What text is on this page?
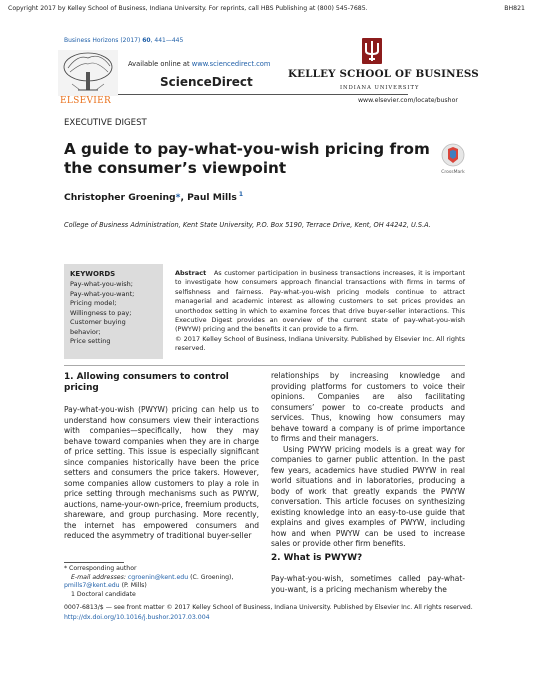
Copyright 2017 by Kelley School of Business, Indiana University. For reprints, call HBS Publishing at (800) 545-7685.	BH821
Business Horizons (2017) 60, 441—445
ELSEVIER
Available online at www.sciencedirect.com
ScienceDirect
KELLEY SCHOOL OF BUSINESS
INDIANA UNIVERSITY
www.elsevier.com/locate/bushor
EXECUTIVE DIGEST
A guide to pay-what-you-wish pricing from the consumer’s viewpoint	CrossMark
Christopher Groening*, Paul Mills $^1$
College of Business Administration, Kent State University, P.O. Box 5190, Terrace Drive, Kent, OH 44242, U.S.A.
KEYWORDS
Pay-what-you-wish;
Pay-what-you-want;
Pricing model;
Willingness to pay;
Customer buying
behavior;
Price setting
Abstract As customer participation in business transactions increases, it is important to investigate how consumers approach financial transactions with firms in terms of selfishness and fairness. Pay-what-you-wish pricing models continue to attract managerial and academic interest as allowing customers to set prices provides an unorthodox setting in which to examine forces that drive buyer-seller interactions. This Executive Digest provides an overview of the current state of pay-what-you-wish (PWYW) pricing and the benefits it can provide to a firm.
© 2017 Kelley School of Business, Indiana University. Published by Elsevier Inc. All rights reserved.
1. Allowing consumers to control pricing
Pay-what-you-wish (PWYW) pricing can help us to understand how consumers view their interactions with companies—specifically, how they may behave toward companies when they are in charge of price setting. This issue is especially significant since companies historically have been the price setters and consumers the price takers. However, some companies allow customers to play a role in price setting through mechanisms such as PWYW, auctions, name-your-own-price, freemium products, shareware, and group purchasing. More recently, the internet has empowered consumers and reduced the asymmetry of traditional buyer-seller
relationships by increasing knowledge and providing platforms for customers to voice their opinions. Companies are also facilitating consumers’ power to co-create products and services. Thus, knowing how consumers may behave toward a company is of prime importance to firms and their managers.
Using PWYW pricing models is a great way for companies to garner public attention. In the past few years, academics have studied PWYW in real world situations and in laboratories, producing a body of work that greatly expands the PWYW conversation. This article focuses on synthesizing existing knowledge into an easy-to-use guide that explains and gives examples of PWYW, including how and when PWYW can be used to increase sales or provide other firm benefits.
* Corresponding author
E-mail addresses: cgroenin@kent.edu (C. Groening),
pmills7@kent.edu (P. Mills)
1 Doctoral candidate
2. What is PWYW?
Pay-what-you-wish, sometimes called pay-what-you-want, is a pricing mechanism whereby the
0007-6813/$ — see front matter © 2017 Kelley School of Business, Indiana University. Published by Elsevier Inc. All rights reserved.
http://dx.doi.org/10.1016/j.bushor.2017.03.004
